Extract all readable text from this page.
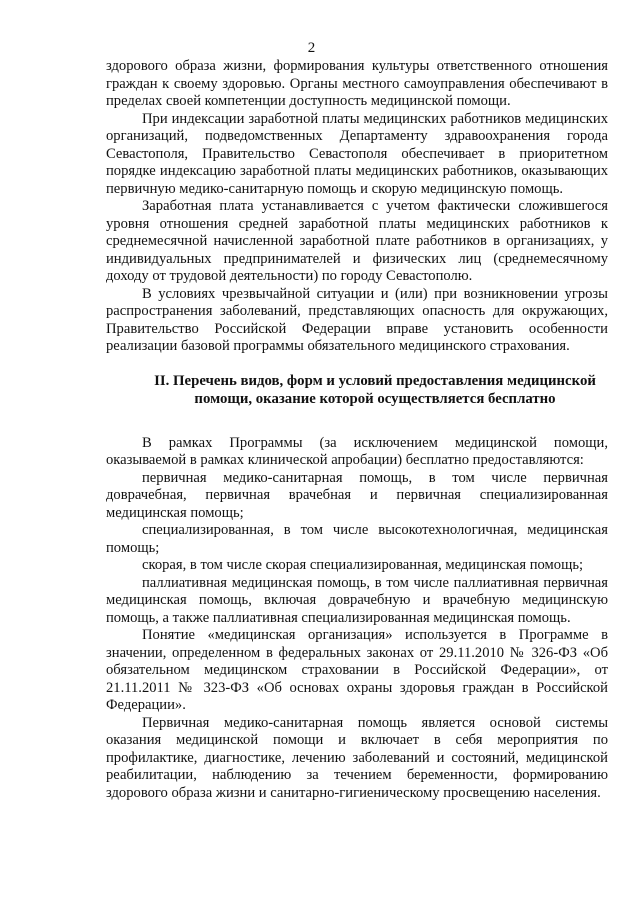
2

здорового образа жизни, формирования культуры ответственного отношения граждан к своему здоровью. Органы местного самоуправления обеспечивают в пределах своей компетенции доступность медицинской помощи.

При индексации заработной платы медицинских работников медицинских организаций, подведомственных Департаменту здравоохранения города Севастополя, Правительство Севастополя обеспечивает в приоритетном порядке индексацию заработной платы медицинских работников, оказывающих первичную медико-санитарную помощь и скорую медицинскую помощь.

Заработная плата устанавливается с учетом фактически сложившегося уровня отношения средней заработной платы медицинских работников к среднемесячной начисленной заработной плате работников в организациях, у индивидуальных предпринимателей и физических лиц (среднемесячному доходу от трудовой деятельности) по городу Севастополю.

В условиях чрезвычайной ситуации и (или) при возникновении угрозы распространения заболеваний, представляющих опасность для окружающих, Правительство Российской Федерации вправе установить особенности реализации базовой программы обязательного медицинского страхования.

II. Перечень видов, форм и условий предоставления медицинской помощи, оказание которой осуществляется бесплатно

В рамках Программы (за исключением медицинской помощи, оказываемой в рамках клинической апробации) бесплатно предоставляются:

первичная медико-санитарная помощь, в том числе первичная доврачебная, первичная врачебная и первичная специализированная медицинская помощь;

специализированная, в том числе высокотехнологичная, медицинская помощь;

скорая, в том числе скорая специализированная, медицинская помощь;

паллиативная медицинская помощь, в том числе паллиативная первичная медицинская помощь, включая доврачебную и врачебную медицинскую помощь, а также паллиативная специализированная медицинская помощь.

Понятие «медицинская организация» используется в Программе в значении, определенном в федеральных законах от 29.11.2010 № 326-ФЗ «Об обязательном медицинском страховании в Российской Федерации», от 21.11.2011 № 323-ФЗ «Об основах охраны здоровья граждан в Российской Федерации».

Первичная медико-санитарная помощь является основой системы оказания медицинской помощи и включает в себя мероприятия по профилактике, диагностике, лечению заболеваний и состояний, медицинской реабилитации, наблюдению за течением беременности, формированию здорового образа жизни и санитарно-гигиеническому просвещению населения.
